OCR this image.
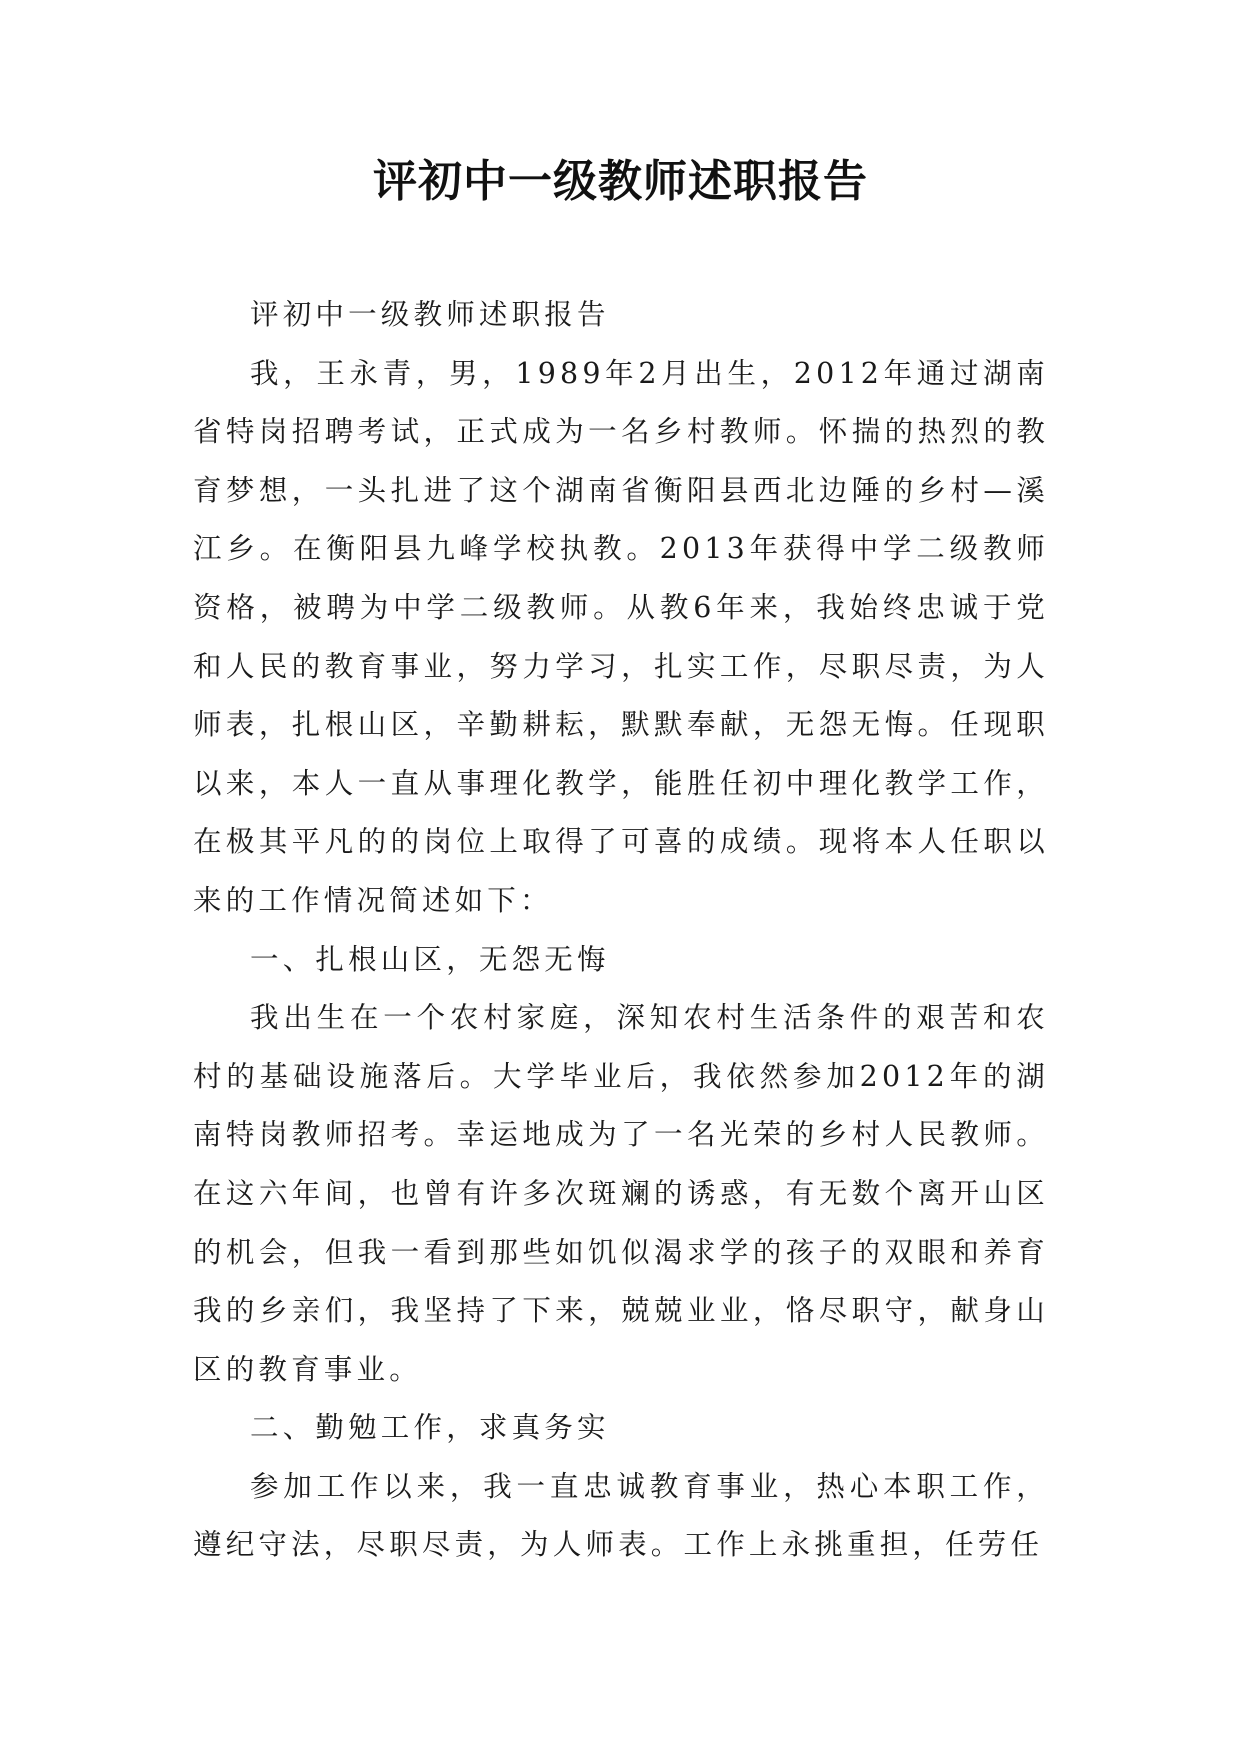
评初中一级教师述职报告

评初中一级教师述职报告

我，王永青，男，1989年2月出生，2012年通过湖南省特岗招聘考试，正式成为一名乡村教师。怀揣的热烈的教育梦想，一头扎进了这个湖南省衡阳县西北边陲的乡村—溪江乡。在衡阳县九峰学校执教。2013年获得中学二级教师资格，被聘为中学二级教师。从教6年来，我始终忠诚于党和人民的教育事业，努力学习，扎实工作，尽职尽责，为人师表，扎根山区，辛勤耕耘，默默奉献，无怨无悔。任现职以来，本人一直从事理化教学，能胜任初中理化教学工作，在极其平凡的的岗位上取得了可喜的成绩。现将本人任职以来的工作情况简述如下：

一、扎根山区，无怨无悔

我出生在一个农村家庭，深知农村生活条件的艰苦和农村的基础设施落后。大学毕业后，我依然参加2012年的湖南特岗教师招考。幸运地成为了一名光荣的乡村人民教师。在这六年间，也曾有许多次斑斓的诱惑，有无数个离开山区的机会，但我一看到那些如饥似渴求学的孩子的双眼和养育我的乡亲们，我坚持了下来，兢兢业业，恪尽职守，献身山区的教育事业。

二、勤勉工作，求真务实

参加工作以来，我一直忠诚教育事业，热心本职工作，遵纪守法，尽职尽责，为人师表。工作上永挑重担，任劳任
